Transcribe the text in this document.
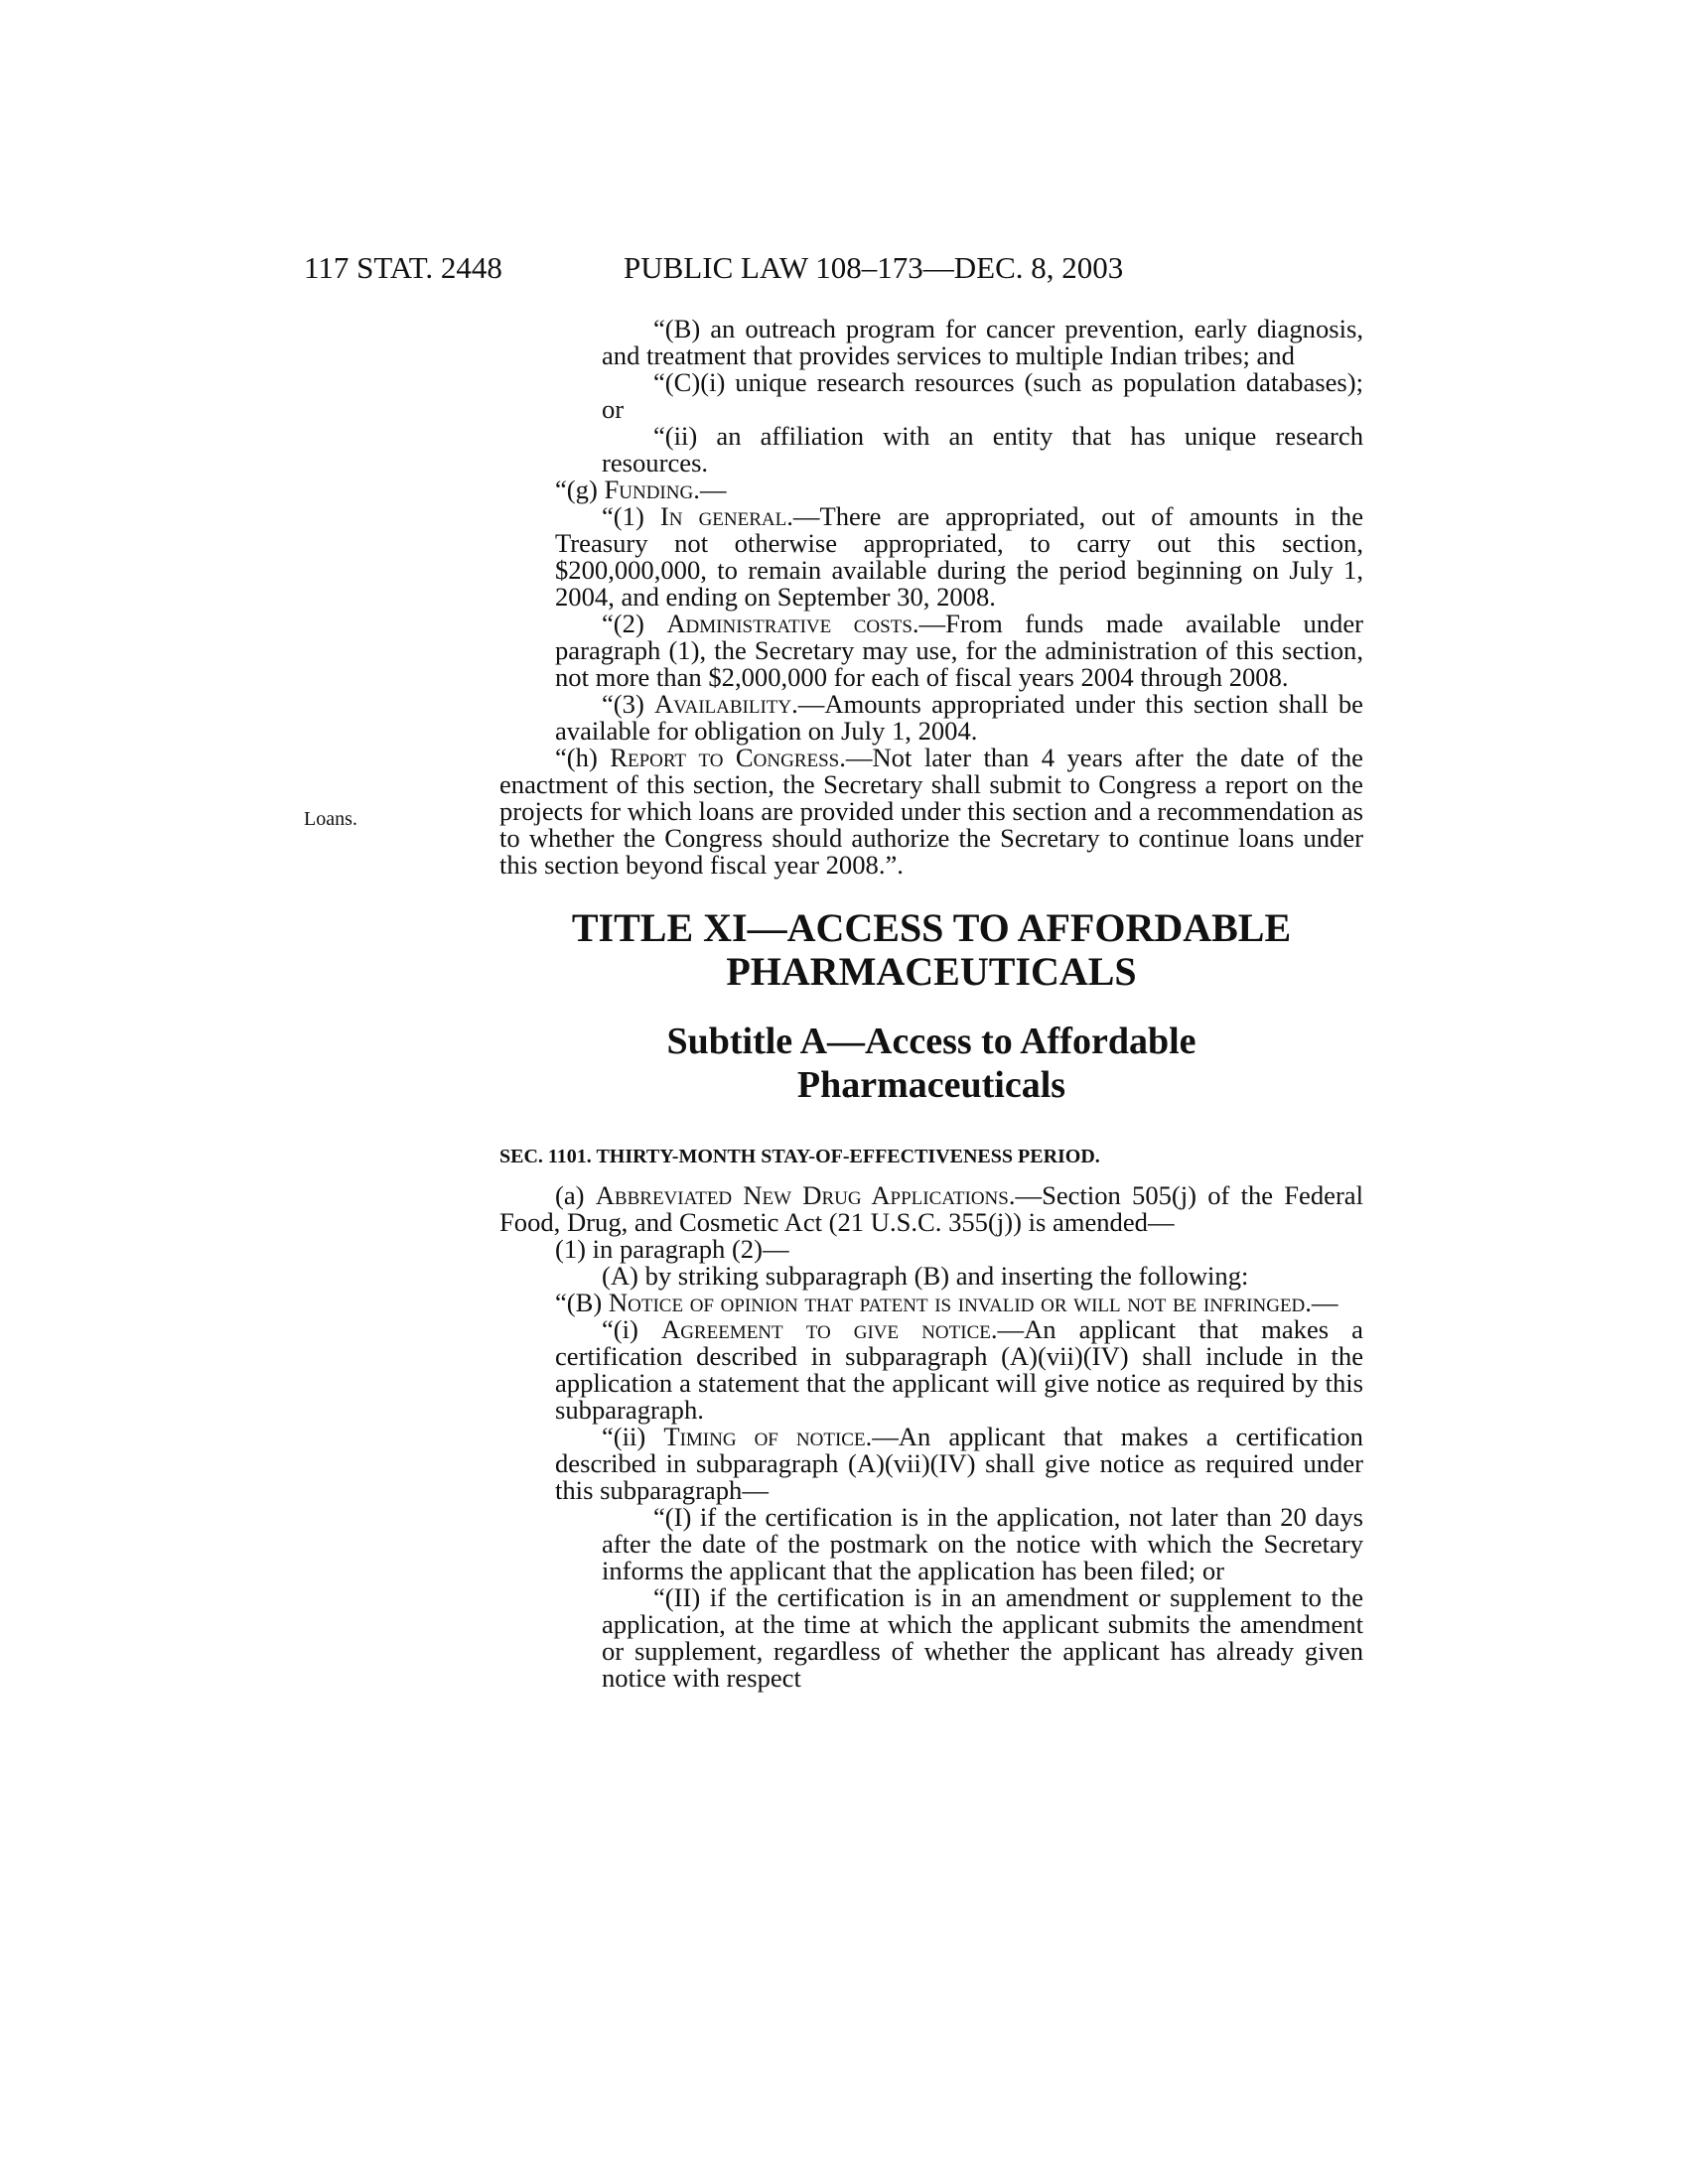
117 STAT. 2448	PUBLIC LAW 108–173—DEC. 8, 2003
Loans.

“(B) an outreach program for cancer prevention, early diagnosis, and treatment that provides services to multiple Indian tribes; and

“(C)(i) unique research resources (such as population databases); or

“(ii) an affiliation with an entity that has unique research resources.

“(g) Funding.—

“(1) In general.—There are appropriated, out of amounts in the Treasury not otherwise appropriated, to carry out this section, $200,000,000, to remain available during the period beginning on July 1, 2004, and ending on September 30, 2008.

“(2) Administrative costs.—From funds made available under paragraph (1), the Secretary may use, for the administration of this section, not more than $2,000,000 for each of fiscal years 2004 through 2008.

“(3) Availability.—Amounts appropriated under this section shall be available for obligation on July 1, 2004.

“(h) Report to Congress.—Not later than 4 years after the date of the enactment of this section, the Secretary shall submit to Congress a report on the projects for which loans are provided under this section and a recommendation as to whether the Congress should authorize the Secretary to continue loans under this section beyond fiscal year 2008.”.

TITLE XI—ACCESS TO AFFORDABLE
PHARMACEUTICALS

Subtitle A—Access to Affordable
Pharmaceuticals

SEC. 1101. THIRTY-MONTH STAY-OF-EFFECTIVENESS PERIOD.

(a) Abbreviated New Drug Applications.—Section 505(j) of the Federal Food, Drug, and Cosmetic Act (21 U.S.C. 355(j)) is amended—

(1) in paragraph (2)—

(A) by striking subparagraph (B) and inserting the following:

“(B) Notice of opinion that patent is invalid or will not be infringed.—

“(i) Agreement to give notice.—An applicant that makes a certification described in subparagraph (A)(vii)(IV) shall include in the application a statement that the applicant will give notice as required by this subparagraph.

“(ii) Timing of notice.—An applicant that makes a certification described in subparagraph (A)(vii)(IV) shall give notice as required under this subparagraph—

“(I) if the certification is in the application, not later than 20 days after the date of the postmark on the notice with which the Secretary informs the applicant that the application has been filed; or

“(II) if the certification is in an amendment or supplement to the application, at the time at which the applicant submits the amendment or supplement, regardless of whether the applicant has already given notice with respect
